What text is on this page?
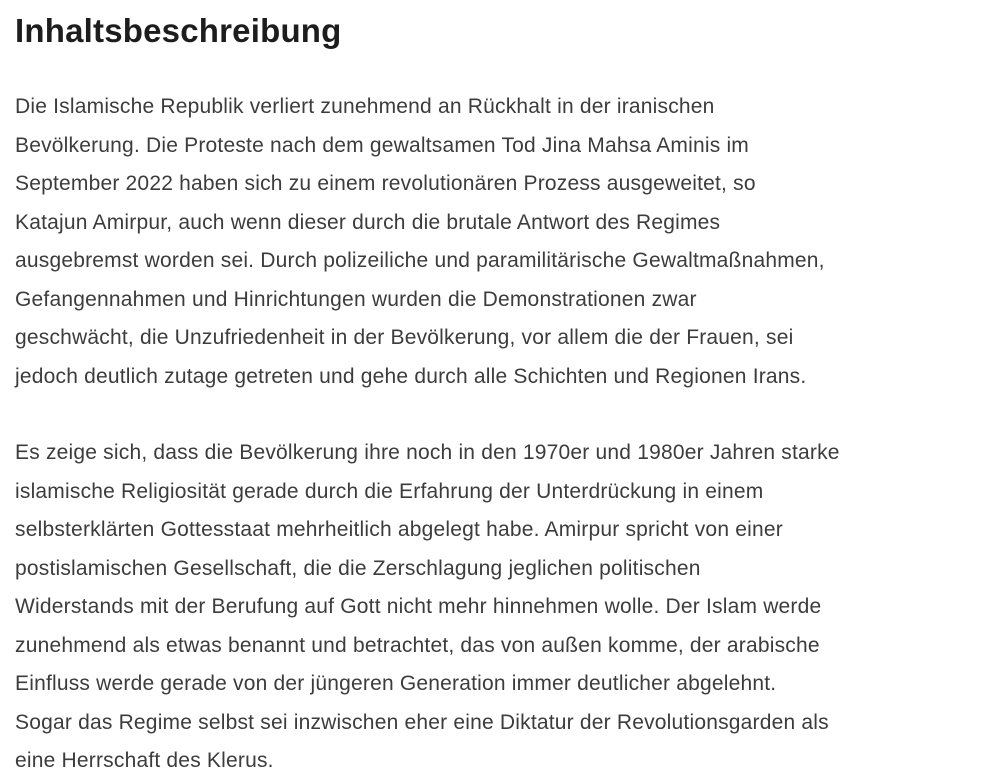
Inhaltsbeschreibung
Die Islamische Republik verliert zunehmend an Rückhalt in der iranischen
Bevölkerung. Die Proteste nach dem gewaltsamen Tod Jina Mahsa Aminis im
September 2022 haben sich zu einem revolutionären Prozess ausgeweitet, so
Katajun Amirpur, auch wenn dieser durch die brutale Antwort des Regimes
ausgebremst worden sei. Durch polizeiliche und paramilitärische Gewaltmaßnahmen,
Gefangennahmen und Hinrichtungen wurden die Demonstrationen zwar
geschwächt, die Unzufriedenheit in der Bevölkerung, vor allem die der Frauen, sei
jedoch deutlich zutage getreten und gehe durch alle Schichten und Regionen Irans.
Es zeige sich, dass die Bevölkerung ihre noch in den 1970er und 1980er Jahren starke
islamische Religiosität gerade durch die Erfahrung der Unterdrückung in einem
selbsterklärten Gottesstaat mehrheitlich abgelegt habe. Amirpur spricht von einer
postislamischen Gesellschaft, die die Zerschlagung jeglichen politischen
Widerstands mit der Berufung auf Gott nicht mehr hinnehmen wolle. Der Islam werde
zunehmend als etwas benannt und betrachtet, das von außen komme, der arabische
Einfluss werde gerade von der jüngeren Generation immer deutlicher abgelehnt.
Sogar das Regime selbst sei inzwischen eher eine Diktatur der Revolutionsgarden als
eine Herrschaft des Klerus.
